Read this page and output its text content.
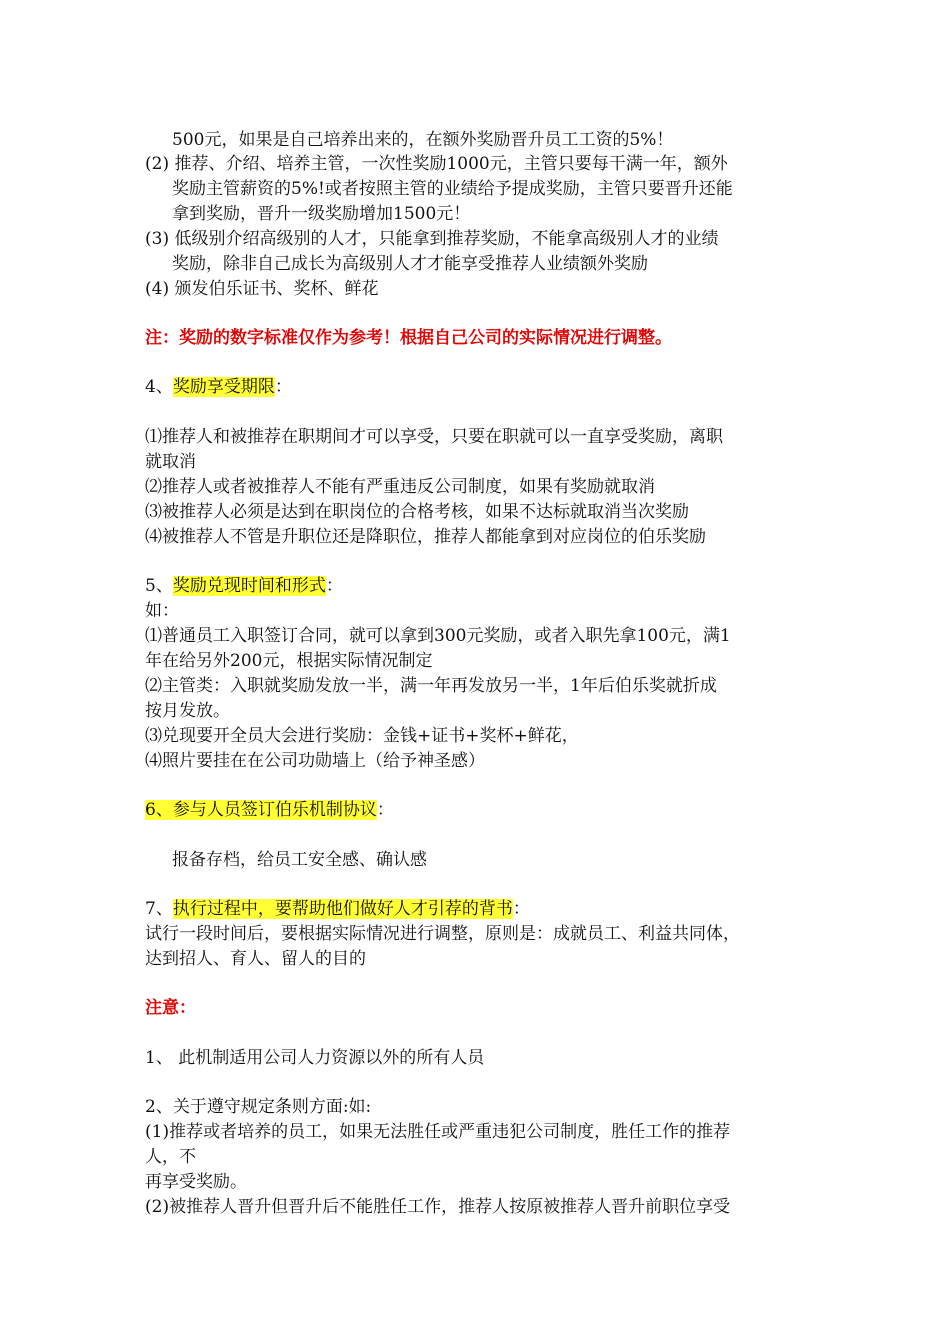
500元，如果是自己培养出来的，在额外奖励晋升员工工资的5%！
(2) 推荐、介绍、培养主管，一次性奖励1000元，主管只要每干满一年，额外
奖励主管薪资的5%!或者按照主管的业绩给予提成奖励，主管只要晋升还能
拿到奖励，晋升一级奖励增加1500元！
(3) 低级别介绍高级别的人才，只能拿到推荐奖励，不能拿高级别人才的业绩
奖励，除非自己成长为高级别人才才能享受推荐人业绩额外奖励
(4) 颁发伯乐证书、奖杯、鲜花
注：奖励的数字标准仅作为参考！根据自己公司的实际情况进行调整。
4、奖励享受期限：
⑴推荐人和被推荐在职期间才可以享受，只要在职就可以一直享受奖励，离职
就取消
⑵推荐人或者被推荐人不能有严重违反公司制度，如果有奖励就取消
⑶被推荐人必须是达到在职岗位的合格考核，如果不达标就取消当次奖励
⑷被推荐人不管是升职位还是降职位，推荐人都能拿到对应岗位的伯乐奖励
5、奖励兑现时间和形式：
如：
⑴普通员工入职签订合同，就可以拿到300元奖励，或者入职先拿100元，满1
年在给另外200元，根据实际情况制定
⑵主管类：入职就奖励发放一半，满一年再发放另一半，1年后伯乐奖就折成
按月发放。
⑶兑现要开全员大会进行奖励：金钱+证书+奖杯+鲜花，
⑷照片要挂在在公司功勋墙上（给予神圣感）
6、参与人员签订伯乐机制协议：
报备存档，给员工安全感、确认感
7、执行过程中，要帮助他们做好人才引荐的背书：
试行一段时间后，要根据实际情况进行调整，原则是：成就员工、利益共同体，
达到招人、育人、留人的目的
注意：
1、 此机制适用公司人力资源以外的所有人员
2、关于遵守规定条则方面:如:
(1)推荐或者培养的员工，如果无法胜任或严重违犯公司制度，胜任工作的推荐
人，不
再享受奖励。
(2)被推荐人晋升但晋升后不能胜任工作，推荐人按原被推荐人晋升前职位享受
